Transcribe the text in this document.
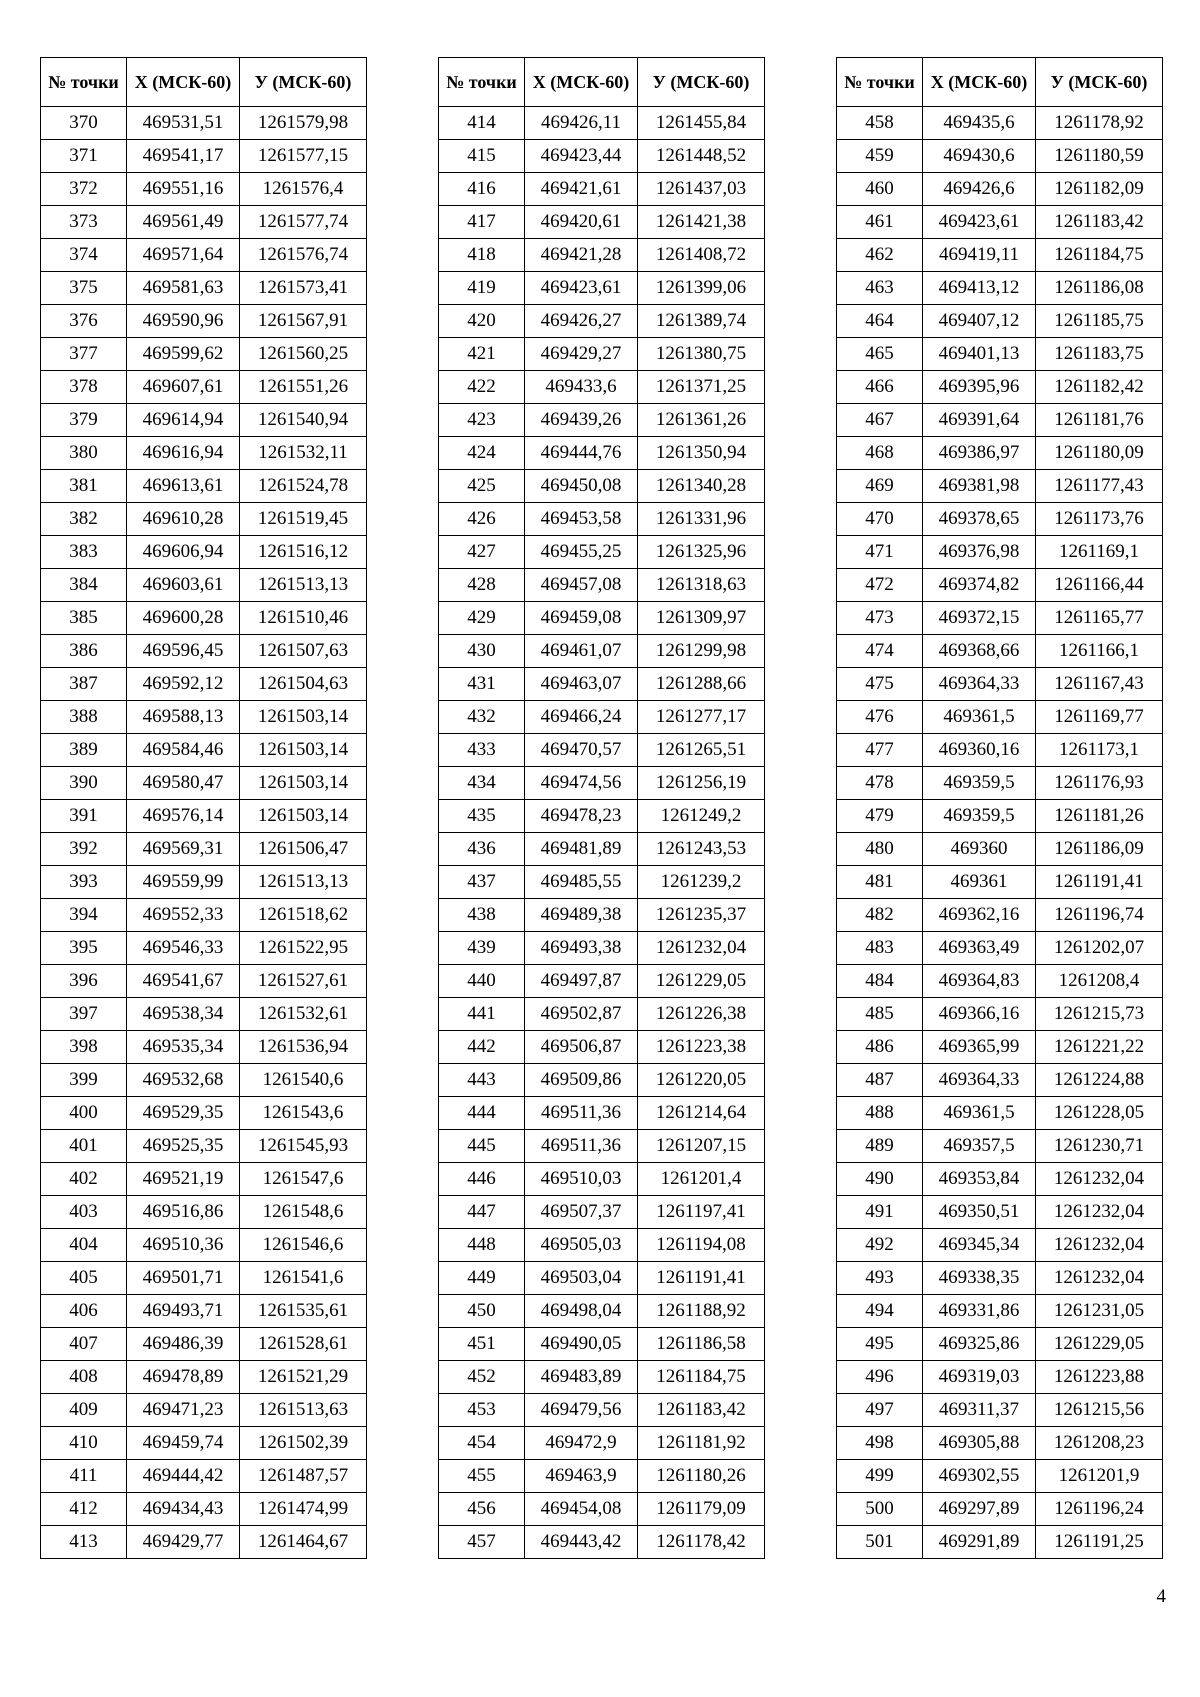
№ точки	Х (МСК-60)	У (МСК-60)
370	469531,51	1261579,98
371	469541,17	1261577,15
372	469551,16	1261576,4
373	469561,49	1261577,74
374	469571,64	1261576,74
375	469581,63	1261573,41
376	469590,96	1261567,91
377	469599,62	1261560,25
378	469607,61	1261551,26
379	469614,94	1261540,94
380	469616,94	1261532,11
381	469613,61	1261524,78
382	469610,28	1261519,45
383	469606,94	1261516,12
384	469603,61	1261513,13
385	469600,28	1261510,46
386	469596,45	1261507,63
387	469592,12	1261504,63
388	469588,13	1261503,14
389	469584,46	1261503,14
390	469580,47	1261503,14
391	469576,14	1261503,14
392	469569,31	1261506,47
393	469559,99	1261513,13
394	469552,33	1261518,62
395	469546,33	1261522,95
396	469541,67	1261527,61
397	469538,34	1261532,61
398	469535,34	1261536,94
399	469532,68	1261540,6
400	469529,35	1261543,6
401	469525,35	1261545,93
402	469521,19	1261547,6
403	469516,86	1261548,6
404	469510,36	1261546,6
405	469501,71	1261541,6
406	469493,71	1261535,61
407	469486,39	1261528,61
408	469478,89	1261521,29
409	469471,23	1261513,63
410	469459,74	1261502,39
411	469444,42	1261487,57
412	469434,43	1261474,99
413	469429,77	1261464,67
№ точки	Х (МСК-60)	У (МСК-60)
414	469426,11	1261455,84
415	469423,44	1261448,52
416	469421,61	1261437,03
417	469420,61	1261421,38
418	469421,28	1261408,72
419	469423,61	1261399,06
420	469426,27	1261389,74
421	469429,27	1261380,75
422	469433,6	1261371,25
423	469439,26	1261361,26
424	469444,76	1261350,94
425	469450,08	1261340,28
426	469453,58	1261331,96
427	469455,25	1261325,96
428	469457,08	1261318,63
429	469459,08	1261309,97
430	469461,07	1261299,98
431	469463,07	1261288,66
432	469466,24	1261277,17
433	469470,57	1261265,51
434	469474,56	1261256,19
435	469478,23	1261249,2
436	469481,89	1261243,53
437	469485,55	1261239,2
438	469489,38	1261235,37
439	469493,38	1261232,04
440	469497,87	1261229,05
441	469502,87	1261226,38
442	469506,87	1261223,38
443	469509,86	1261220,05
444	469511,36	1261214,64
445	469511,36	1261207,15
446	469510,03	1261201,4
447	469507,37	1261197,41
448	469505,03	1261194,08
449	469503,04	1261191,41
450	469498,04	1261188,92
451	469490,05	1261186,58
452	469483,89	1261184,75
453	469479,56	1261183,42
454	469472,9	1261181,92
455	469463,9	1261180,26
456	469454,08	1261179,09
457	469443,42	1261178,42
№ точки	Х (МСК-60)	У (МСК-60)
458	469435,6	1261178,92
459	469430,6	1261180,59
460	469426,6	1261182,09
461	469423,61	1261183,42
462	469419,11	1261184,75
463	469413,12	1261186,08
464	469407,12	1261185,75
465	469401,13	1261183,75
466	469395,96	1261182,42
467	469391,64	1261181,76
468	469386,97	1261180,09
469	469381,98	1261177,43
470	469378,65	1261173,76
471	469376,98	1261169,1
472	469374,82	1261166,44
473	469372,15	1261165,77
474	469368,66	1261166,1
475	469364,33	1261167,43
476	469361,5	1261169,77
477	469360,16	1261173,1
478	469359,5	1261176,93
479	469359,5	1261181,26
480	469360	1261186,09
481	469361	1261191,41
482	469362,16	1261196,74
483	469363,49	1261202,07
484	469364,83	1261208,4
485	469366,16	1261215,73
486	469365,99	1261221,22
487	469364,33	1261224,88
488	469361,5	1261228,05
489	469357,5	1261230,71
490	469353,84	1261232,04
491	469350,51	1261232,04
492	469345,34	1261232,04
493	469338,35	1261232,04
494	469331,86	1261231,05
495	469325,86	1261229,05
496	469319,03	1261223,88
497	469311,37	1261215,56
498	469305,88	1261208,23
499	469302,55	1261201,9
500	469297,89	1261196,24
501	469291,89	1261191,25
4
